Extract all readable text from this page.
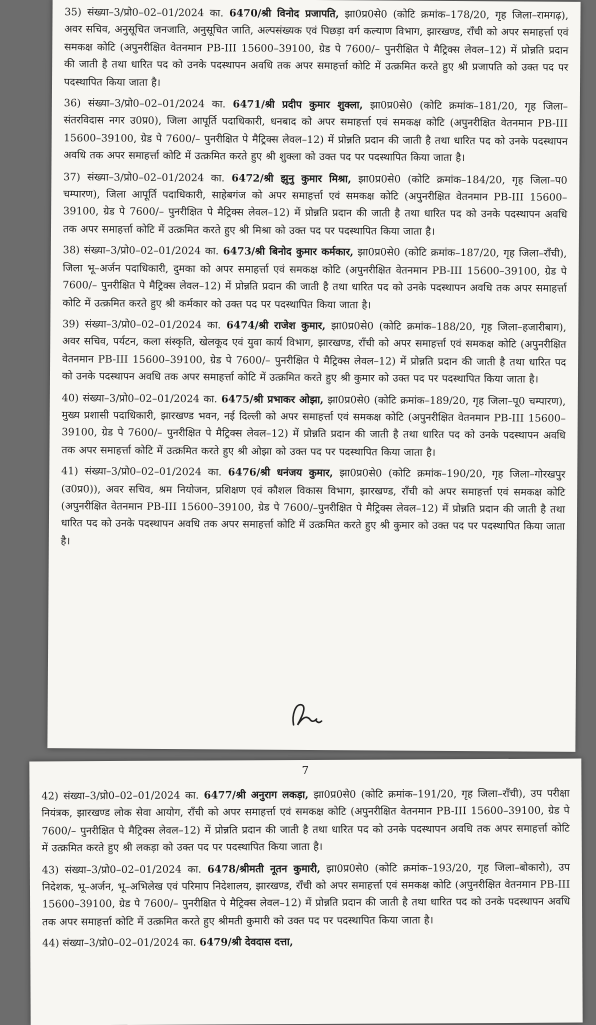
35) संख्या–3/प्रो0–02–01/2024 का. 6470/श्री विनोद प्रजापति, झा0प्र0से0 (कोटि क्रमांक–178/20, गृह जिला–रामगढ़), अवर सचिव, अनुसूचित जनजाति, अनुसूचित जाति, अल्पसंख्यक एवं पिछड़ा वर्ग कल्याण विभाग, झारखण्ड, राँची को अपर समाहर्त्ता एवं समकक्ष कोटि (अपुनरीक्षित वेतनमान PB-III 15600–39100, ग्रेड पे 7600/– पुनरीक्षित पे मैट्रिक्स लेवल–12) में प्रोन्नति प्रदान की जाती है तथा धारित पद को उनके पदस्थापन अवधि तक अपर समाहर्त्ता कोटि में उत्क्रमित करते हुए श्री प्रजापति को उक्त पद पर पदस्थापित किया जाता है।

36) संख्या–3/प्रो0–02–01/2024 का. 6471/श्री प्रदीप कुमार शुक्ला, झा0प्र0से0 (कोटि क्रमांक–181/20, गृह जिला–संतरविदास नगर उ0प्र0), जिला आपूर्ति पदाधिकारी, धनबाद को अपर समाहर्त्ता एवं समकक्ष कोटि (अपुनरीक्षित वेतनमान PB-III 15600–39100, ग्रेड पे 7600/– पुनरीक्षित पे मैट्रिक्स लेवल–12) में प्रोन्नति प्रदान की जाती है तथा धारित पद को उनके पदस्थापन अवधि तक अपर समाहर्त्ता कोटि में उत्क्रमित करते हुए श्री शुक्ला को उक्त पद पर पदस्थापित किया जाता है।

37) संख्या–3/प्रो0–02–01/2024 का. 6472/श्री झुनु कुमार मिश्रा, झा0प्र0से0 (कोटि क्रमांक–184/20, गृह जिला–प0 चम्पारण), जिला आपूर्ति पदाधिकारी, साहेबगंज को अपर समाहर्त्ता एवं समकक्ष कोटि (अपुनरीक्षित वेतनमान PB-III 15600–39100, ग्रेड पे 7600/– पुनरीक्षित पे मैट्रिक्स लेवल–12) में प्रोन्नति प्रदान की जाती है तथा धारित पद को उनके पदस्थापन अवधि तक अपर समाहर्त्ता कोटि में उत्क्रमित करते हुए श्री मिश्रा को उक्त पद पर पदस्थापित किया जाता है।

38) संख्या–3/प्रो0–02–01/2024 का. 6473/श्री बिनोद कुमार कर्मकार, झा0प्र0से0 (कोटि क्रमांक–187/20, गृह जिला–राँची), जिला भू–अर्जन पदाधिकारी, दुमका को अपर समाहर्त्ता एवं समकक्ष कोटि (अपुनरीक्षित वेतनमान PB-III 15600–39100, ग्रेड पे 7600/– पुनरीक्षित पे मैट्रिक्स लेवल–12) में प्रोन्नति प्रदान की जाती है तथा धारित पद को उनके पदस्थापन अवधि तक अपर समाहर्त्ता कोटि में उत्क्रमित करते हुए श्री कर्मकार को उक्त पद पर पदस्थापित किया जाता है।

39) संख्या–3/प्रो0–02–01/2024 का. 6474/श्री राजेश कुमार, झा0प्र0से0 (कोटि क्रमांक–188/20, गृह जिला–हजारीबाग), अवर सचिव, पर्यटन, कला संस्कृति, खेलकूद एवं युवा कार्य विभाग, झारखण्ड, राँची को अपर समाहर्त्ता एवं समकक्ष कोटि (अपुनरीक्षित वेतनमान PB-III 15600–39100, ग्रेड पे 7600/– पुनरीक्षित पे मैट्रिक्स लेवल–12) में प्रोन्नति प्रदान की जाती है तथा धारित पद को उनके पदस्थापन अवधि तक अपर समाहर्त्ता कोटि में उत्क्रमित करते हुए श्री कुमार को उक्त पद पर पदस्थापित किया जाता है।

40) संख्या–3/प्रो0–02–01/2024 का. 6475/श्री प्रभाकर ओझा, झा0प्र0से0 (कोटि क्रमांक–189/20, गृह जिला–पू0 चम्पारण), मुख्य प्रशासी पदाधिकारी, झारखण्ड भवन, नई दिल्ली को अपर समाहर्त्ता एवं समकक्ष कोटि (अपुनरीक्षित वेतनमान PB-III 15600–39100, ग्रेड पे 7600/– पुनरीक्षित पे मैट्रिक्स लेवल–12) में प्रोन्नति प्रदान की जाती है तथा धारित पद को उनके पदस्थापन अवधि तक अपर समाहर्त्ता कोटि में उत्क्रमित करते हुए श्री ओझा को उक्त पद पर पदस्थापित किया जाता है।

41) संख्या–3/प्रो0–02–01/2024 का. 6476/श्री धनंजय कुमार, झा0प्र0से0 (कोटि क्रमांक–190/20, गृह जिला–गोरखपुर (उ0प्र0)), अवर सचिव, श्रम नियोजन, प्रशिक्षण एवं कौशल विकास विभाग, झारखण्ड, राँची को अपर समाहर्त्ता एवं समकक्ष कोटि (अपुनरीक्षित वेतनमान PB-III 15600–39100, ग्रेड पे 7600/–पुनरीक्षित पे मैट्रिक्स लेवल–12) में प्रोन्नति प्रदान की जाती है तथा धारित पद को उनके पदस्थापन अवधि तक अपर समाहर्त्ता कोटि में उत्क्रमित करते हुए श्री कुमार को उक्त पद पर पदस्थापित किया जाता है।

7

42) संख्या–3/प्रो0–02–01/2024 का. 6477/श्री अनुराग लकड़ा, झा0प्र0से0 (कोटि क्रमांक–191/20, गृह जिला–राँची), उप परीक्षा नियंत्रक, झारखण्ड लोक सेवा आयोग, राँची को अपर समाहर्त्ता एवं समकक्ष कोटि (अपुनरीक्षित वेतनमान PB-III 15600–39100, ग्रेड पे 7600/– पुनरीक्षित पे मैट्रिक्स लेवल–12) में प्रोन्नति प्रदान की जाती है तथा धारित पद को उनके पदस्थापन अवधि तक अपर समाहर्त्ता कोटि में उत्क्रमित करते हुए श्री लकड़ा को उक्त पद पर पदस्थापित किया जाता है।

43) संख्या–3/प्रो0–02–01/2024 का. 6478/श्रीमती नूतन कुमारी, झा0प्र0से0 (कोटि क्रमांक–193/20, गृह जिला–बोकारो), उप निदेशक, भू–अर्जन, भू–अभिलेख एवं परिमाप निदेशालय, झारखण्ड, राँची को अपर समाहर्त्ता एवं समकक्ष कोटि (अपुनरीक्षित वेतनमान PB-III 15600–39100, ग्रेड पे 7600/– पुनरीक्षित पे मैट्रिक्स लेवल–12) में प्रोन्नति प्रदान की जाती है तथा धारित पद को उनके पदस्थापन अवधि तक अपर समाहर्त्ता कोटि में उत्क्रमित करते हुए श्रीमती कुमारी को उक्त पद पर पदस्थापित किया जाता है।

44) संख्या–3/प्रो0–02–01/2024 का. 6479/श्री देवदास दत्ता,
